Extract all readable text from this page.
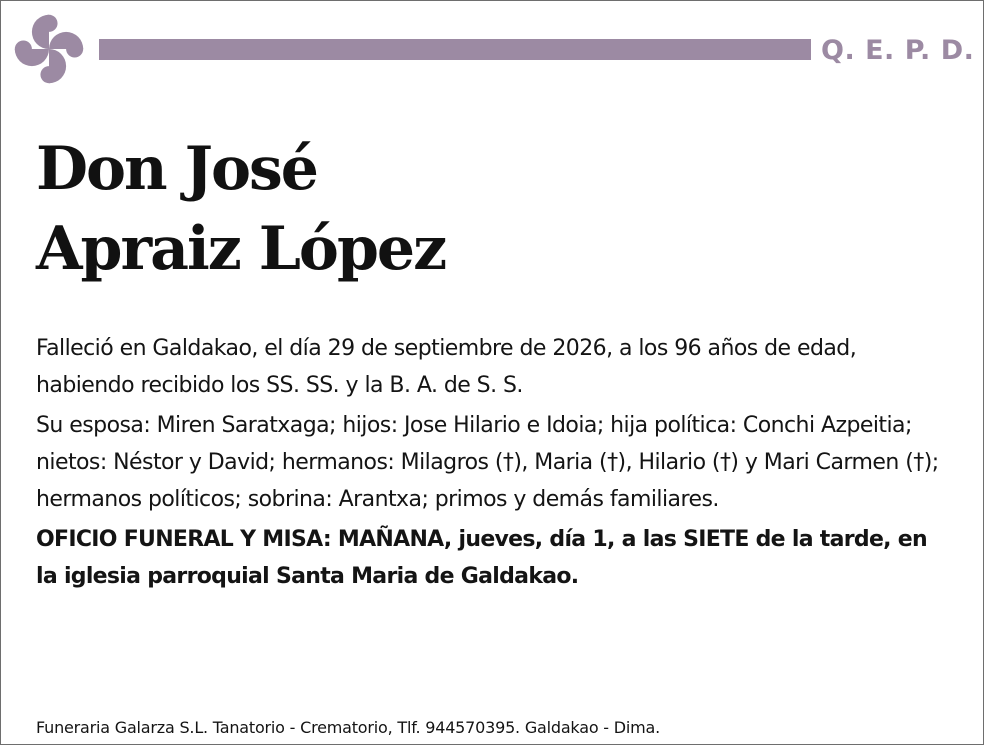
Q. E. P. D.
Don José
Apraiz López

Falleció en Galdakao, el día 29 de septiembre de 2026, a los 96 años de edad, habiendo recibido los SS. SS. y la B. A. de S. S.

Su esposa: Miren Saratxaga; hijos: Jose Hilario e Idoia; hija política: Conchi Azpeitia; nietos: Néstor y David; hermanos: Milagros (†), Maria (†), Hilario (†) y Mari Carmen (†); hermanos políticos; sobrina: Arantxa; primos y demás familiares.

OFICIO FUNERAL Y MISA: MAÑANA, jueves, día 1, a las SIETE de la tarde, en la iglesia parroquial Santa Maria de Galdakao.

Funeraria Galarza S.L. Tanatorio - Crematorio, Tlf. 944570395. Galdakao - Dima.
